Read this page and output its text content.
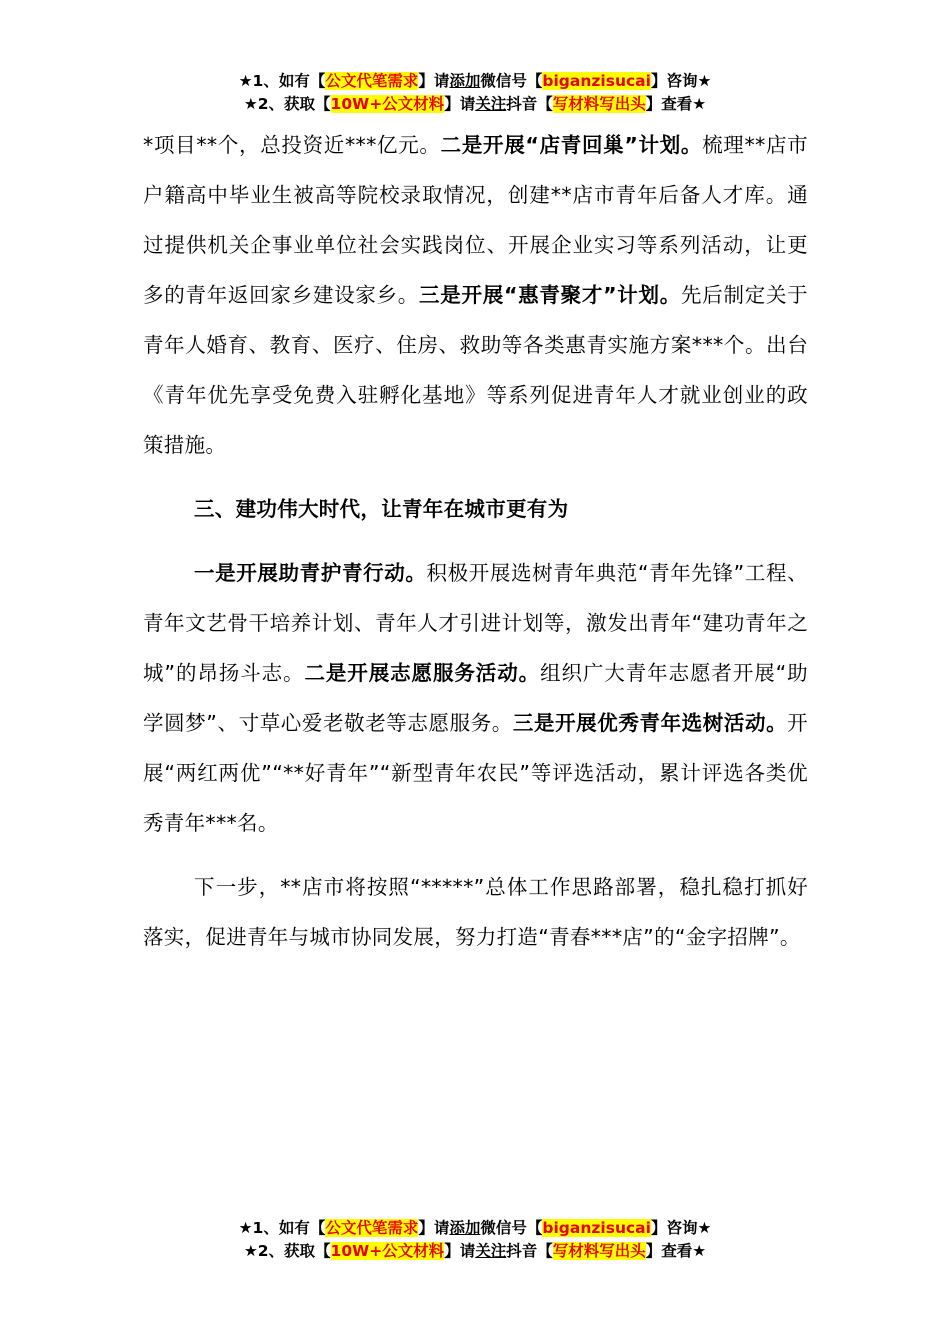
★1、如有【公文代笔需求】请添加微信号【biganzisucai】咨询★
★2、获取【10W+公文材料】请关注抖音【写材料写出头】查看★

*项目**个，总投资近***亿元。二是开展“店青回巢”计划。梳理**店市户籍高中毕业生被高等院校录取情况，创建**店市青年后备人才库。通过提供机关企事业单位社会实践岗位、开展企业实习等系列活动，让更多的青年返回家乡建设家乡。三是开展“惠青聚才”计划。先后制定关于青年人婚育、教育、医疗、住房、救助等各类惠青实施方案***个。出台《青年优先享受免费入驻孵化基地》等系列促进青年人才就业创业的政策措施。

三、建功伟大时代，让青年在城市更有为

一是开展助青护青行动。积极开展选树青年典范“青年先锋”工程、青年文艺骨干培养计划、青年人才引进计划等，激发出青年“建功青年之城”的昂扬斗志。二是开展志愿服务活动。组织广大青年志愿者开展“助学圆梦”、寸草心爱老敬老等志愿服务。三是开展优秀青年选树活动。开展“两红两优”“**好青年”“新型青年农民”等评选活动，累计评选各类优秀青年***名。

下一步，**店市将按照“*****”总体工作思路部署，稳扎稳打抓好落实，促进青年与城市协同发展，努力打造“青春***店”的“金字招牌”。

★1、如有【公文代笔需求】请添加微信号【biganzisucai】咨询★
★2、获取【10W+公文材料】请关注抖音【写材料写出头】查看★
